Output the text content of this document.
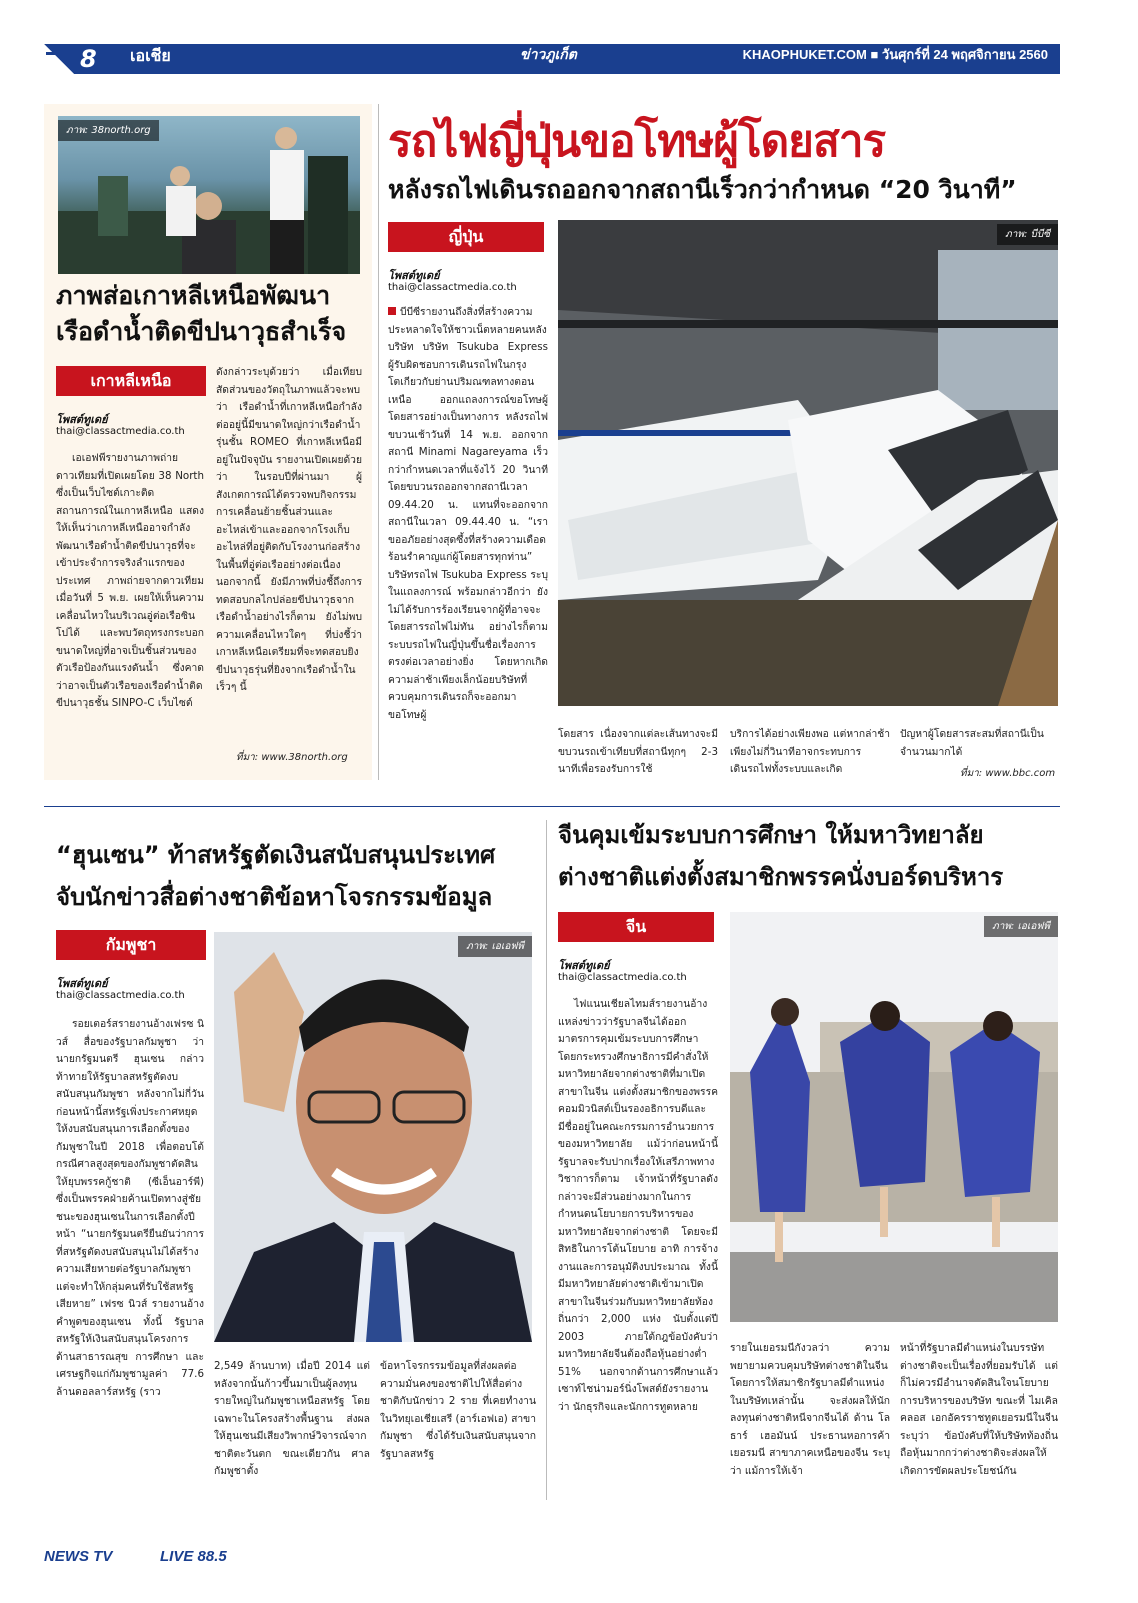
8 เอเชีย	ข่าวภูเก็ต	KHAOPHUKET.COM ■ วันศุกร์ที่ 24 พฤศจิกายน 2560
ภาพ: 38north.org
ภาพส่อเกาหลีเหนือพัฒนา
เรือดำน้ำติดขีปนาวุธสำเร็จ
เกาหลีเหนือ
โพสต์ทูเดย์
thai@classactmedia.co.th
เอเอฟพีรายงานภาพถ่ายดาวเทียมที่เปิดเผยโดย 38 North ซึ่งเป็นเว็บไซต์เกาะติดสถานการณ์ในเกาหลีเหนือ แสดงให้เห็นว่าเกาหลีเหนืออาจกำลังพัฒนาเรือดำน้ำติดขีปนาวุธที่จะเข้าประจำการจริงลำแรกของประเทศ ภาพถ่ายจากดาวเทียมเมื่อวันที่ 5 พ.ย. เผยให้เห็นความเคลื่อนไหวในบริเวณอู่ต่อเรือซินโปได้ และพบวัตถุทรงกระบอกขนาดใหญ่ที่อาจเป็นชิ้นส่วนของตัวเรือป้องกันแรงดันน้ำ ซึ่งคาดว่าอาจเป็นตัวเรือของเรือดำน้ำติดขีปนาวุธชั้น SINPO-C เว็บไซต์
ดังกล่าวระบุด้วยว่า เมื่อเทียบสัดส่วนของวัตถุในภาพแล้วจะพบว่า เรือดำน้ำที่เกาหลีเหนือกำลังต่ออยู่นี้มีขนาดใหญ่กว่าเรือดำน้ำรุ่นชั้น ROMEO ที่เกาหลีเหนือมีอยู่ในปัจจุบัน รายงานเปิดเผยด้วยว่า ในรอบปีที่ผ่านมา ผู้สังเกตการณ์ได้ตรวจพบกิจกรรมการเคลื่อนย้ายชิ้นส่วนและอะไหล่เข้าและออกจากโรงเก็บอะไหล่ที่อยู่ติดกับโรงงานก่อสร้างในพื้นที่อู่ต่อเรืออย่างต่อเนื่อง นอกจากนี้ ยังมีภาพที่บ่งชี้ถึงการทดสอบกลไกปล่อยขีปนาวุธจากเรือดำน้ำอย่างไรก็ตาม ยังไม่พบความเคลื่อนไหวใดๆ ที่บ่งชี้ว่าเกาหลีเหนือเตรียมที่จะทดสอบยิงขีปนาวุธรุ่นที่ยิงจากเรือดำน้ำในเร็วๆ นี้
ที่มา: www.38north.org
รถไฟญี่ปุ่นขอโทษผู้โดยสาร
หลังรถไฟเดินรถออกจากสถานีเร็วกว่ากำหนด “20 วินาที”
ญี่ปุ่น
โพสต์ทูเดย์
thai@classactmedia.co.th
บีบีซีรายงานถึงสิ่งที่สร้างความประหลาดใจให้ชาวเน็ตหลายคนหลังบริษัท บริษัท Tsukuba Express ผู้รับผิดชอบการเดินรถไฟในกรุงโตเกียวกับย่านปริมณฑลทางตอนเหนือ ออกแถลงการณ์ขอโทษผู้โดยสารอย่างเป็นทางการ หลังรถไฟขบวนเช้าวันที่ 14 พ.ย. ออกจากสถานี Minami Nagareyama เร็วกว่ากำหนดเวลาที่แจ้งไว้ 20 วินาที โดยขบวนรถออกจากสถานีเวลา 09.44.20 น. แทนที่จะออกจากสถานีในเวลา 09.44.40 น. “เราขออภัยอย่างสุดซึ้งที่สร้างความเดือดร้อนรำคาญแก่ผู้โดยสารทุกท่าน” บริษัทรถไฟ Tsukuba Express ระบุในแถลงการณ์ พร้อมกล่าวอีกว่า ยังไม่ได้รับการร้องเรียนจากผู้ที่อาจจะโดยสารรถไฟไม่ทัน อย่างไรก็ตาม ระบบรถไฟในญี่ปุ่นขึ้นชื่อเรื่องการตรงต่อเวลาอย่างยิ่ง โดยหากเกิดความล่าช้าเพียงเล็กน้อยบริษัทที่ควบคุมการเดินรถก็จะออกมาขอโทษผู้
ภาพ: บีบีซี
โดยสาร เนื่องจากแต่ละเส้นทางจะมีขบวนรถเข้าเทียบที่สถานีทุกๆ 2-3 นาทีเพื่อรองรับการใช้
บริการได้อย่างเพียงพอ แต่หากล่าช้าเพียงไม่กี่วินาทีอาจกระทบการเดินรถไฟทั้งระบบและเกิด
ปัญหาผู้โดยสารสะสมที่สถานีเป็นจำนวนมากได้
ที่มา: www.bbc.com
“ฮุนเซน” ท้าสหรัฐตัดเงินสนับสนุนประเทศ
จับนักข่าวสื่อต่างชาติข้อหาโจรกรรมข้อมูล
กัมพูชา
โพสต์ทูเดย์
thai@classactmedia.co.th
รอยเตอร์สรายงานอ้างเฟรซ นิวส์ สื่อของรัฐบาลกัมพูชา ว่า นายกรัฐมนตรี ฮุนเซน กล่าวท้าทายให้รัฐบาลสหรัฐตัดงบสนับสนุนกัมพูชา หลังจากไม่กี่วันก่อนหน้านี้สหรัฐเพิ่งประกาศหยุดให้งบสนับสนุนการเลือกตั้งของกัมพูชาในปี 2018 เพื่อตอบโต้กรณีศาลสูงสุดของกัมพูชาตัดสินให้ยุบพรรคกู้ชาติ (ซีเอ็นอาร์พี) ซึ่งเป็นพรรคฝ่ายค้านเปิดทางสู่ชัยชนะของฮุนเซนในการเลือกตั้งปีหน้า “นายกรัฐมนตรียืนยันว่าการที่สหรัฐตัดงบสนับสนุนไม่ได้สร้างความเสียหายต่อรัฐบาลกัมพูชา แต่จะทำให้กลุ่มคนที่รับใช้สหรัฐเสียหาย” เฟรซ นิวส์ รายงานอ้างคำพูดของฮุนเซน ทั้งนี้ รัฐบาลสหรัฐให้เงินสนับสนุนโครงการด้านสาธารณสุข การศึกษา และเศรษฐกิจแก่กัมพูชามูลค่า 77.6 ล้านดอลลาร์สหรัฐ (ราว
ภาพ: เอเอฟพี
2,549 ล้านบาท) เมื่อปี 2014 แต่หลังจากนั้นก้าวขึ้นมาเป็นผู้ลงทุนรายใหญ่ในกัมพูชาเหนือสหรัฐ โดยเฉพาะในโครงสร้างพื้นฐาน ส่งผลให้ฮุนเซนมีเสียงวิพากษ์วิจารณ์จากชาติตะวันตก ขณะเดียวกัน ศาลกัมพูชาตั้ง
ข้อหาโจรกรรมข้อมูลที่ส่งผลต่อความมั่นคงของชาติไปให้สื่อต่างชาติกับนักข่าว 2 ราย ที่เคยทำงานในวิทยุเอเชียเสรี (อาร์เอฟเอ) สาขากัมพูชา ซึ่งได้รับเงินสนับสนุนจากรัฐบาลสหรัฐ
จีนคุมเข้มระบบการศึกษา ให้มหาวิทยาลัย
ต่างชาติแต่งตั้งสมาชิกพรรคนั่งบอร์ดบริหาร
จีน
โพสต์ทูเดย์
thai@classactmedia.co.th
ไฟแนนเชียลไทมส์รายงานอ้างแหล่งข่าวว่ารัฐบาลจีนได้ออกมาตรการคุมเข้มระบบการศึกษา โดยกระทรวงศึกษาธิการมีคำสั่งให้มหาวิทยาลัยจากต่างชาติที่มาเปิดสาขาในจีน แต่งตั้งสมาชิกของพรรคคอมมิวนิสต์เป็นรองอธิการบดีและมีชื่ออยู่ในคณะกรรมการอำนวยการของมหาวิทยาลัย แม้ว่าก่อนหน้านี้รัฐบาลจะรับปากเรื่องให้เสรีภาพทางวิชาการก็ตาม เจ้าหน้าที่รัฐบาลดังกล่าวจะมีส่วนอย่างมากในการกำหนดนโยบายการบริหารของมหาวิทยาลัยจากต่างชาติ โดยจะมีสิทธิในการโต้นโยบาย อาทิ การจ้างงานและการอนุมัติงบประมาณ ทั้งนี้ มีมหาวิทยาลัยต่างชาติเข้ามาเปิดสาขาในจีนร่วมกับมหาวิทยาลัยท้องถิ่นกว่า 2,000 แห่ง นับตั้งแต่ปี 2003 ภายใต้กฎข้อบังคับว่า มหาวิทยาลัยจีนต้องถือหุ้นอย่างต่ำ 51% นอกจากด้านการศึกษาแล้ว เซาท์ไชน่ามอร์นิ่งโพสต์ยังรายงานว่า นักธุรกิจและนักการทูตหลาย
ภาพ: เอเอฟพี
รายในเยอรมนีกังวลว่า ความพยายามควบคุมบริษัทต่างชาติในจีน โดยการให้สมาชิกรัฐบาลมีตำแหน่งในบริษัทเหล่านั้น จะส่งผลให้นักลงทุนต่างชาติหนีจากจีนได้ ด้าน โลธาร์ เฮอมันน์ ประธานหอการค้าเยอรมนี สาขาภาคเหนือของจีน ระบุว่า แม้การให้เจ้า
หน้าที่รัฐบาลมีตำแหน่งในบรรษัทต่างชาติจะเป็นเรื่องที่ยอมรับได้ แต่ก็ไม่ควรมีอำนาจตัดสินใจนโยบายการบริหารของบริษัท ขณะที่ ไมเคิล คลอส เอกอัครราชทูตเยอรมนีในจีน ระบุว่า ข้อบังคับที่ให้บริษัทท้องถิ่นถือหุ้นมากกว่าต่างชาติจะส่งผลให้เกิดการขัดผลประโยชน์กัน
NEWS TV	LIVE 88.5
